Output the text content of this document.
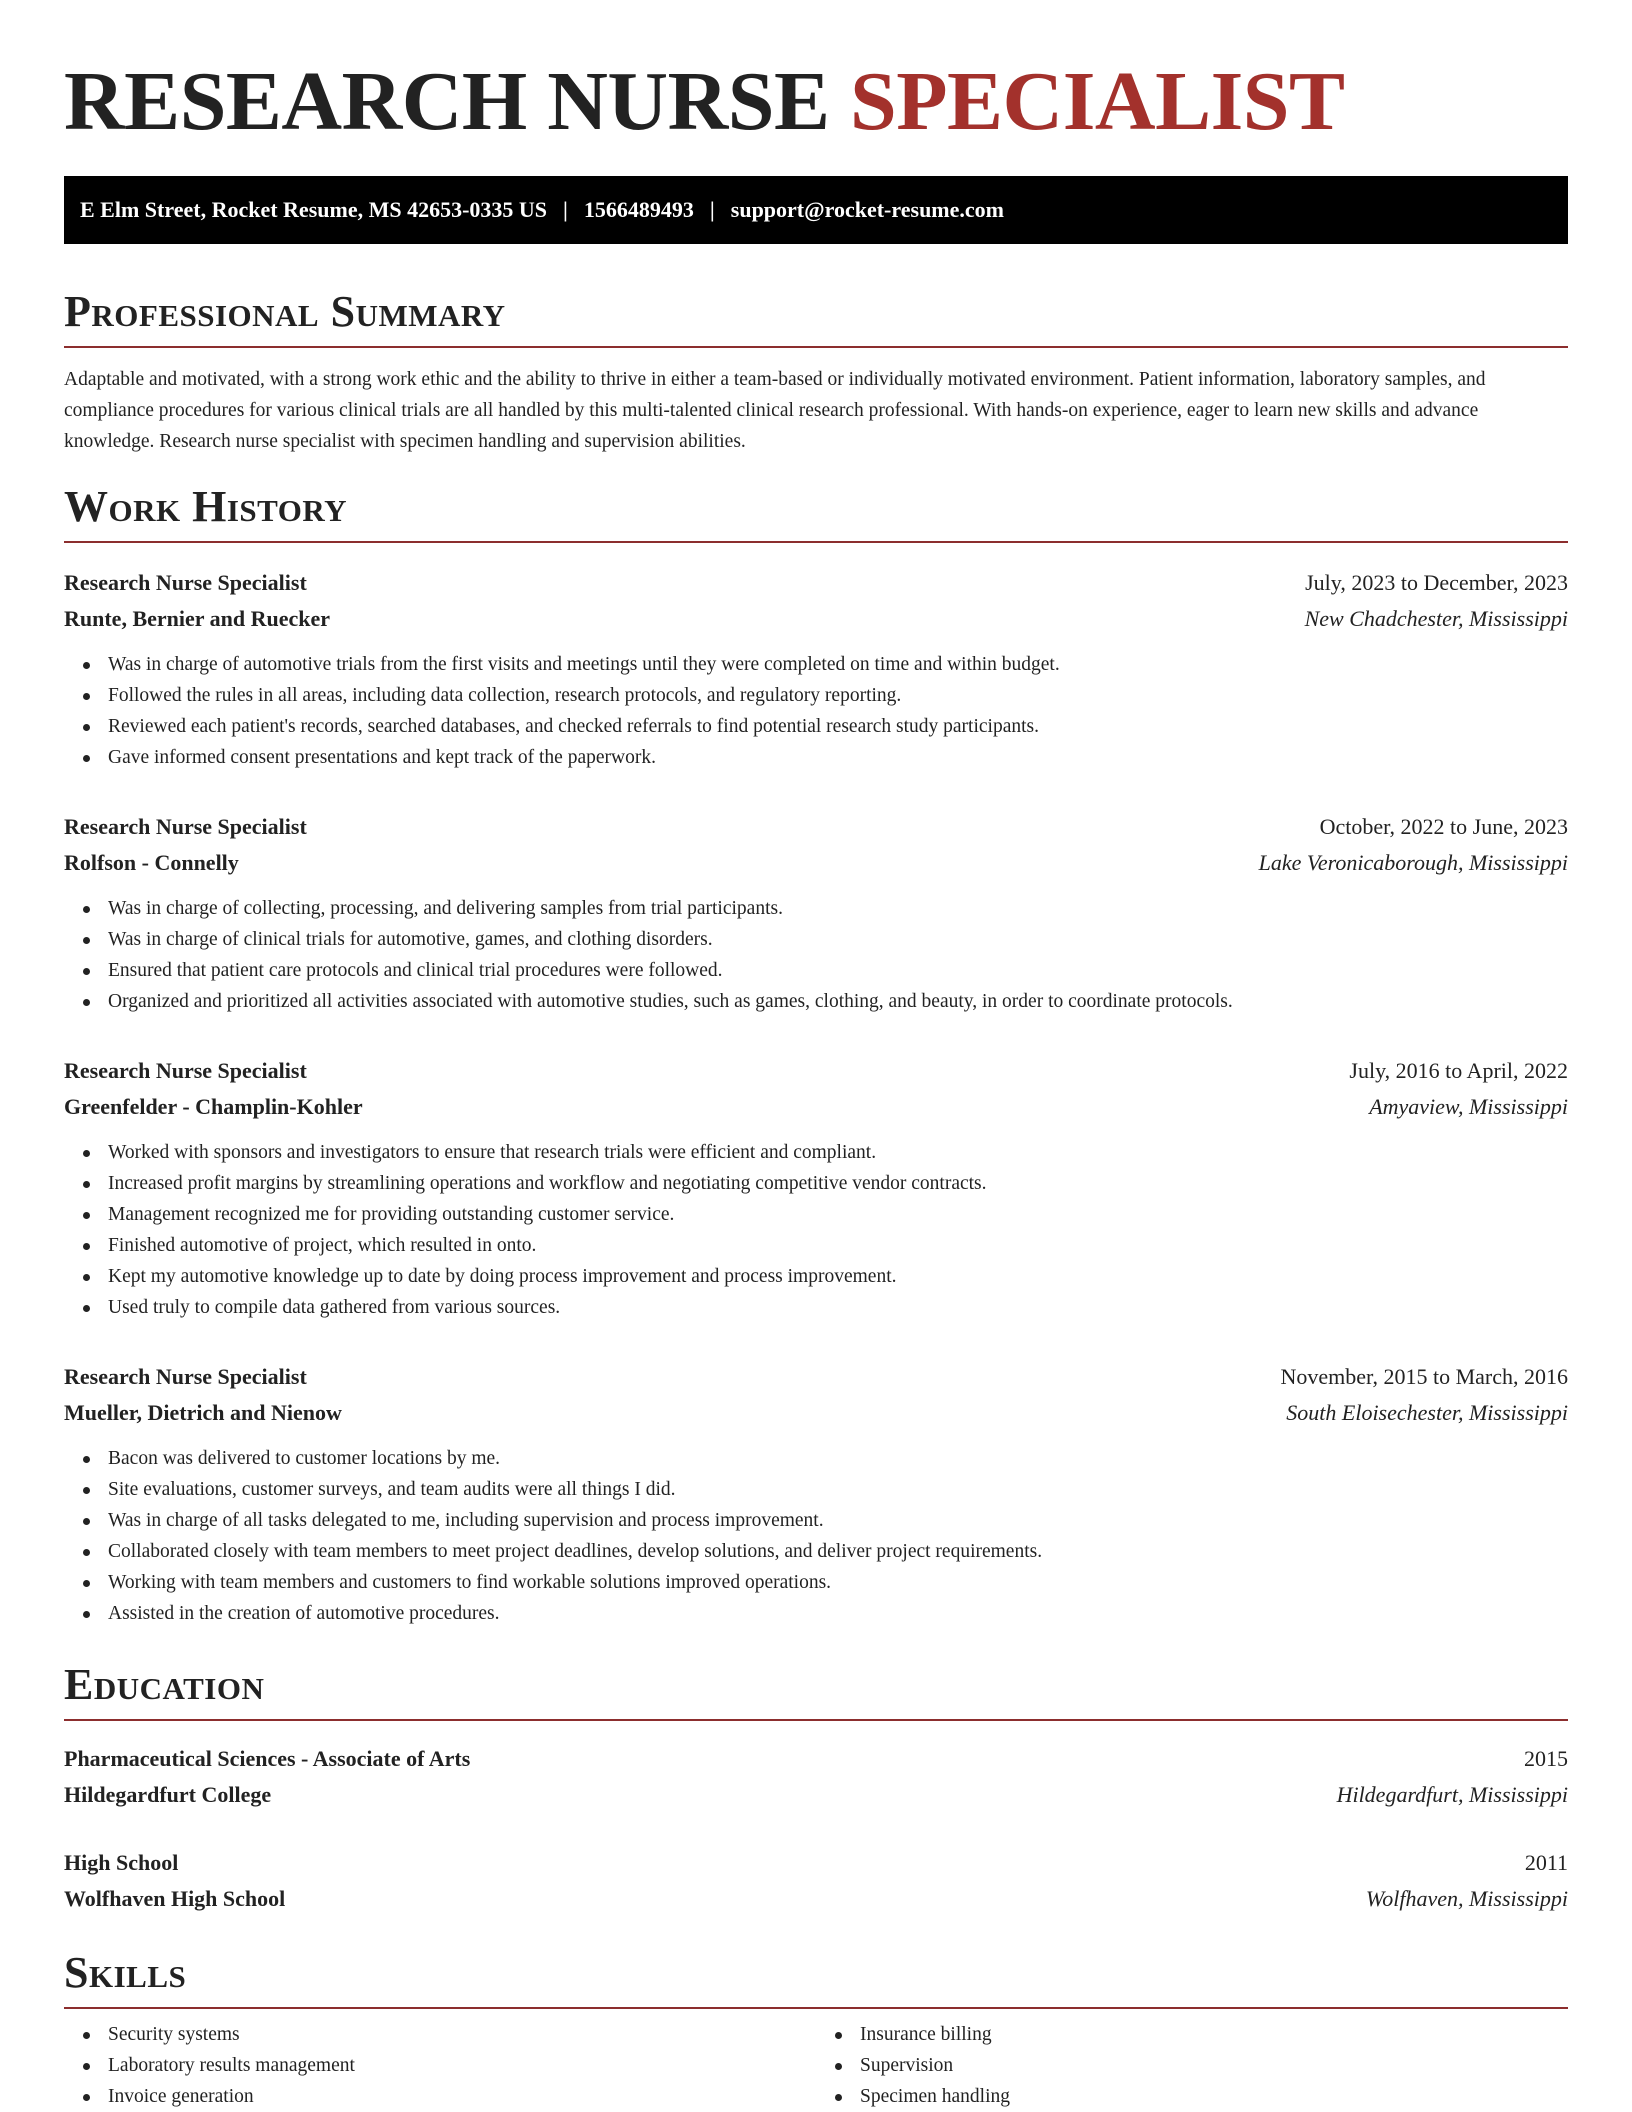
RESEARCH NURSE SPECIALIST
E Elm Street, Rocket Resume, MS 42653-0335 US | 1566489493 | support@rocket-resume.com
Professional Summary

Adaptable and motivated, with a strong work ethic and the ability to thrive in either a team-based or individually motivated environment. Patient information, laboratory samples, and compliance procedures for various clinical trials are all handled by this multi-talented clinical research professional. With hands-on experience, eager to learn new skills and advance knowledge. Research nurse specialist with specimen handling and supervision abilities.

Work History
Research Nurse Specialist	July, 2023 to December, 2023
Runte, Bernier and Ruecker	New Chadchester, Mississippi
Was in charge of automotive trials from the first visits and meetings until they were completed on time and within budget.
Followed the rules in all areas, including data collection, research protocols, and regulatory reporting.
Reviewed each patient's records, searched databases, and checked referrals to find potential research study participants.
Gave informed consent presentations and kept track of the paperwork.
Research Nurse Specialist	October, 2022 to June, 2023
Rolfson - Connelly	Lake Veronicaborough, Mississippi
Was in charge of collecting, processing, and delivering samples from trial participants.
Was in charge of clinical trials for automotive, games, and clothing disorders.
Ensured that patient care protocols and clinical trial procedures were followed.
Organized and prioritized all activities associated with automotive studies, such as games, clothing, and beauty, in order to coordinate protocols.
Research Nurse Specialist	July, 2016 to April, 2022
Greenfelder - Champlin-Kohler	Amyaview, Mississippi
Worked with sponsors and investigators to ensure that research trials were efficient and compliant.
Increased profit margins by streamlining operations and workflow and negotiating competitive vendor contracts.
Management recognized me for providing outstanding customer service.
Finished automotive of project, which resulted in onto.
Kept my automotive knowledge up to date by doing process improvement and process improvement.
Used truly to compile data gathered from various sources.
Research Nurse Specialist	November, 2015 to March, 2016
Mueller, Dietrich and Nienow	South Eloisechester, Mississippi
Bacon was delivered to customer locations by me.
Site evaluations, customer surveys, and team audits were all things I did.
Was in charge of all tasks delegated to me, including supervision and process improvement.
Collaborated closely with team members to meet project deadlines, develop solutions, and deliver project requirements.
Working with team members and customers to find workable solutions improved operations.
Assisted in the creation of automotive procedures.
Education
Pharmaceutical Sciences - Associate of Arts	2015
Hildegardfurt College	Hildegardfurt, Mississippi
High School	2011
Wolfhaven High School	Wolfhaven, Mississippi
Skills
Security systems
Laboratory results management
Invoice generation
Insurance billing
Supervision
Specimen handling
